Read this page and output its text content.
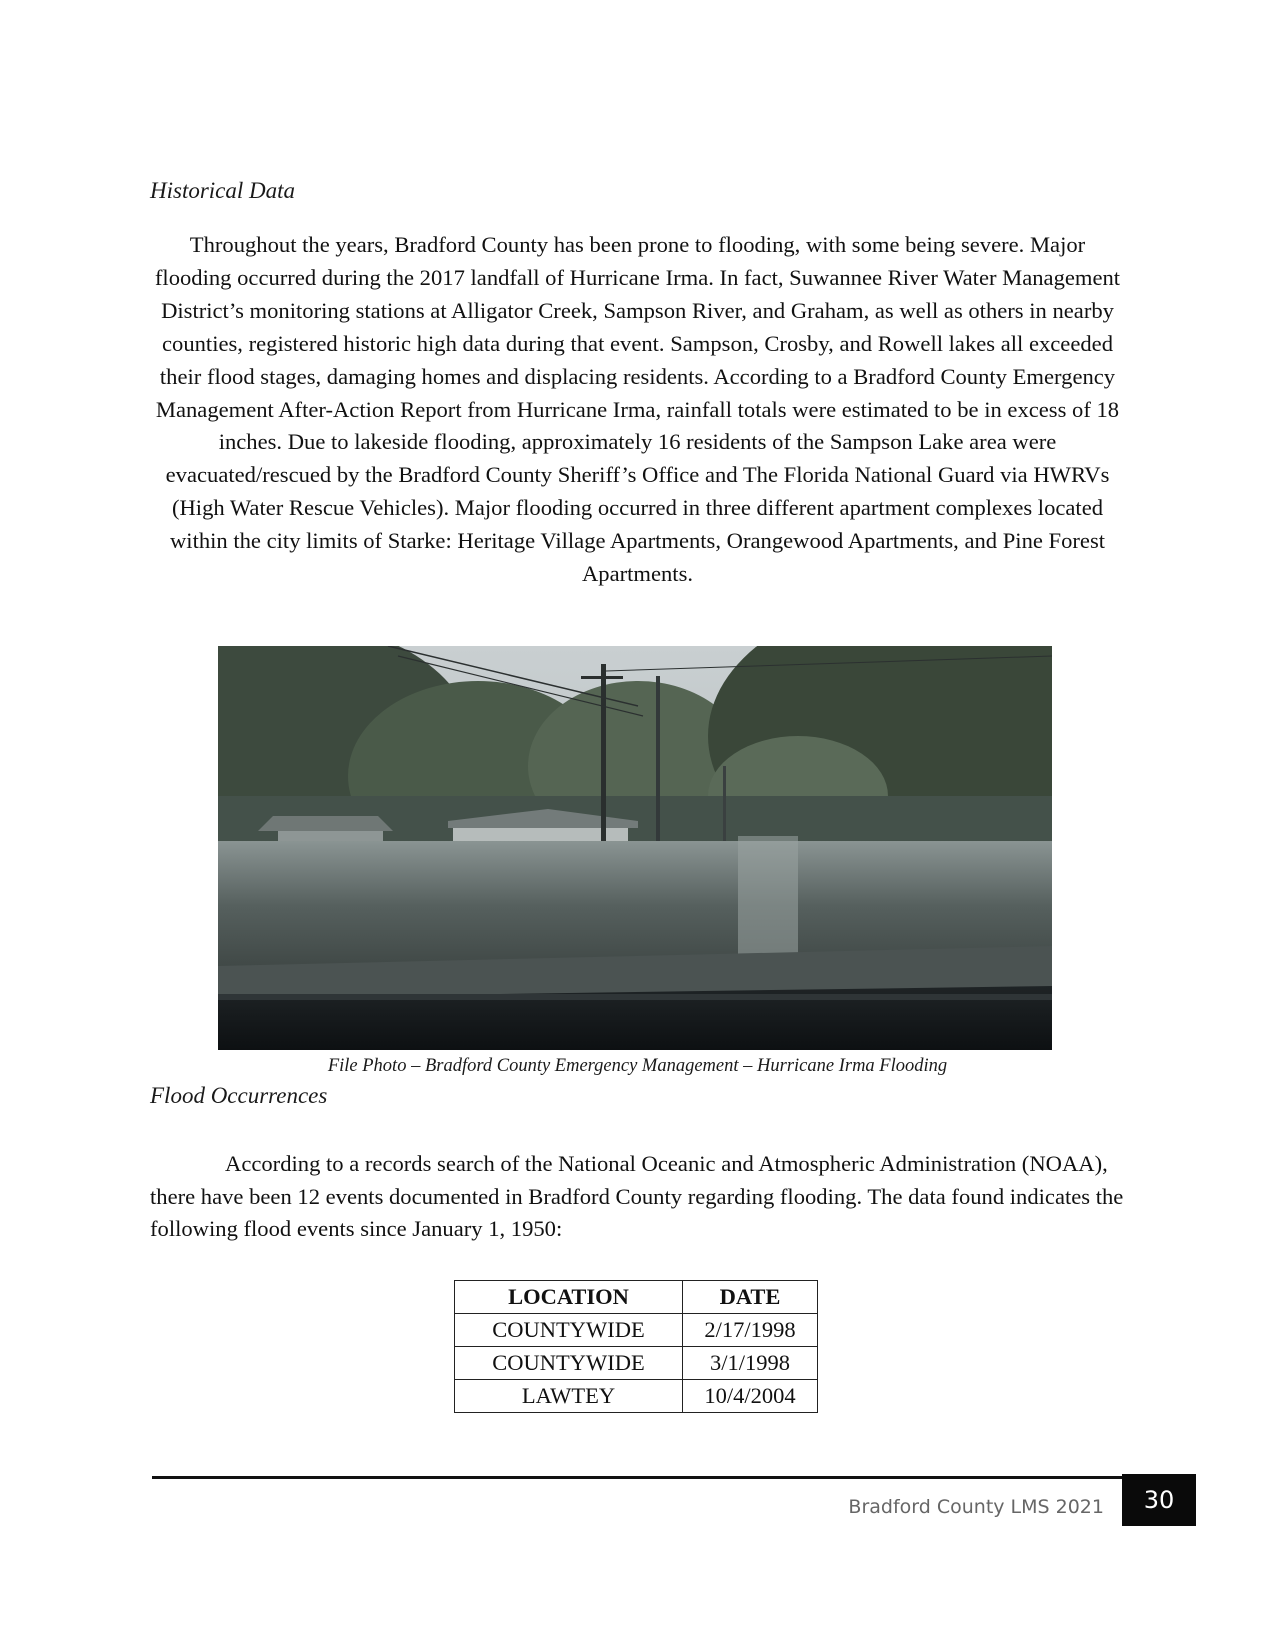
Historical Data

Throughout the years, Bradford County has been prone to flooding, with some being severe. Major flooding occurred during the 2017 landfall of Hurricane Irma. In fact, Suwannee River Water Management District’s monitoring stations at Alligator Creek, Sampson River, and Graham, as well as others in nearby counties, registered historic high data during that event. Sampson, Crosby, and Rowell lakes all exceeded their flood stages, damaging homes and displacing residents. According to a Bradford County Emergency Management After-Action Report from Hurricane Irma, rainfall totals were estimated to be in excess of 18 inches. Due to lakeside flooding, approximately 16 residents of the Sampson Lake area were evacuated/rescued by the Bradford County Sheriff’s Office and The Florida National Guard via HWRVs (High Water Rescue Vehicles). Major flooding occurred in three different apartment complexes located within the city limits of Starke: Heritage Village Apartments, Orangewood Apartments, and Pine Forest Apartments.

File Photo – Bradford County Emergency Management – Hurricane Irma Flooding

Flood Occurrences

According to a records search of the National Oceanic and Atmospheric Administration (NOAA), there have been 12 events documented in Bradford County regarding flooding. The data found indicates the following flood events since January 1, 1950:

LOCATION	DATE
COUNTYWIDE	2/17/1998
COUNTYWIDE	3/1/1998
LAWTEY	10/4/2004
Bradford County LMS 2021	30
